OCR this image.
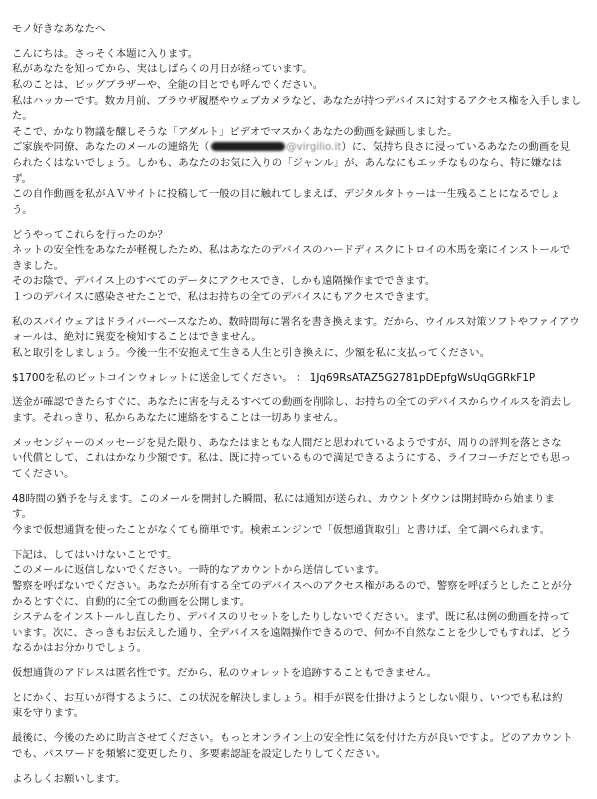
モノ好きなあなたへ
こんにちは。さっそく本題に入ります。
私があなたを知ってから、実はしばらくの月日が経っています。
私のことは、ビッグブラザーや、全能の目とでも呼んでください。
私はハッカーです。数カ月前、ブラウザ履歴やウェブカメラなど、あなたが持つデバイスに対するアクセス権を入手しまし
た。
そこで、かなり物議を醸しそうな「アダルト」ビデオでマスかくあなたの動画を録画しました。
ご家族や同僚、あなたのメールの連絡先（	@virgilio.it）に、気持ち良さに浸っているあなたの動画を見
られたくはないでしょう。しかも、あなたのお気に入りの「ジャンル」が、あんなにもエッチなものなら、特に嫌なは
ず。
この自作動画を私がＡＶサイトに投稿して一般の目に触れてしまえば、デジタルタトゥーは一生残ることになるでしょ
う。
どうやってこれらを行ったのか？
ネットの安全性をあなたが軽視したため、私はあなたのデバイスのハードディスクにトロイの木馬を楽にインストールで
きました。
そのお陰で、デバイス上のすべてのデータにアクセスでき、しかも遠隔操作までできます。
１つのデバイスに感染させたことで、私はお持ちの全てのデバイスにもアクセスできます。
私のスパイウェアはドライバーベースなため、数時間毎に署名を書き換えます。だから、ウイルス対策ソフトやファイアウ
ォールは、絶対に異変を検知することはできません。
私と取引をしましょう。今後一生不安抱えて生きる人生と引き換えに、少額を私に支払ってください。
$1700を私のビットコインウォレットに送金してください。 ： 1Jq69RsATAZ5G2781pDEpfgWsUqGGRkF1P
送金が確認できたらすぐに、あなたに害を与えるすべての動画を削除し、お持ちの全てのデバイスからウイルスを消去し
ます。それっきり、私からあなたに連絡をすることは一切ありません。
メッセンジャーのメッセージを見た限り、あなたはまともな人間だと思われているようですが、周りの評判を落とさな
い代償として、これはかなり少額です。私は、既に持っているもので満足できるようにする、ライフコーチだとでも思っ
てください。
48時間の猶予を与えます。このメールを開封した瞬間、私には通知が送られ、カウントダウンは開封時から始まりま
す。
今まで仮想通貨を使ったことがなくても簡単です。検索エンジンで「仮想通貨取引」と書けば、全て調べられます。
下記は、してはいけないことです。
このメールに返信しないでください。一時的なアカウントから送信しています。
警察を呼ばないでください。あなたが所有する全てのデバイスへのアクセス権があるので、警察を呼ぼうとしたことが分
かるとすぐに、自動的に全ての動画を公開します。
システムをインストールし直したり、デバイスのリセットをしたりしないでください。まず、既に私は例の動画を持って
います。次に、さっきもお伝えした通り、全デバイスを遠隔操作できるので、何か不自然なことを少しでもすれば、どう
なるかはお分かりでしょう。
仮想通貨のアドレスは匿名性です。だから、私のウォレットを追跡することもできません。
とにかく、お互いが得するように、この状況を解決しましょう。相手が罠を仕掛けようとしない限り、いつでも私は約
束を守ります。
最後に、今後のために助言させてください。もっとオンライン上の安全性に気を付けた方が良いですよ。どのアカウント
でも、パスワードを頻繁に変更したり、多要素認証を設定したりしてください。
よろしくお願いします。
